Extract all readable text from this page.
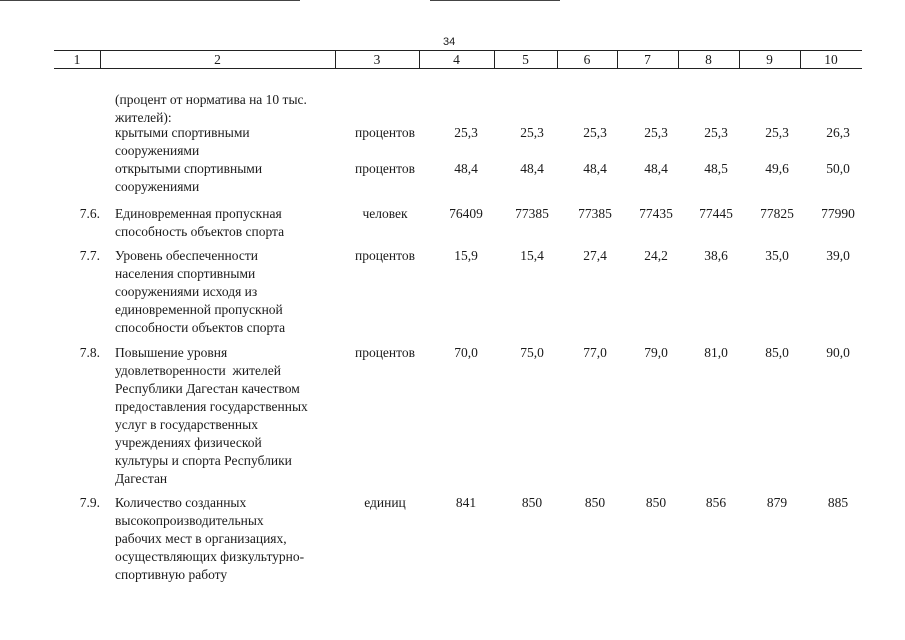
34
1	2	3	4	5	6	7	8	9	10
(процент от норматива на 10 тыс.
жителей):
крытыми спортивными
сооружениями
процентов	25,3	25,3	25,3	25,3	25,3	25,3	26,3
открытыми спортивными
сооружениями
процентов	48,4	48,4	48,4	48,4	48,5	49,6	50,0
7.6. Единовременная пропускная
способность объектов спорта
человек	76409	77385	77385	77435	77445	77825	77990
7.7. Уровень обеспеченности
населения спортивными
сооружениями исходя из
единовременной пропускной
способности объектов спорта
процентов	15,9	15,4	27,4	24,2	38,6	35,0	39,0
7.8. Повышение уровня
удовлетворенности  жителей
Республики Дагестан качеством
предоставления государственных
услуг в государственных
учреждениях физической
культуры и спорта Республики
Дагестан
процентов	70,0	75,0	77,0	79,0	81,0	85,0	90,0
7.9. Количество созданных
высокопроизводительных
рабочих мест в организациях,
осуществляющих физкультурно-
спортивную работу
единиц	841	850	850	850	856	879	885
